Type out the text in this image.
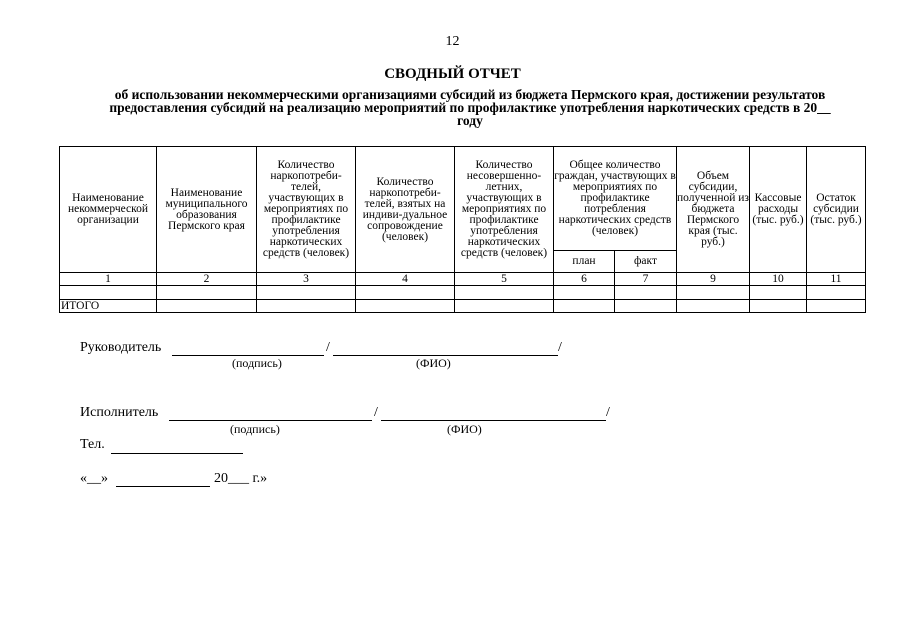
12
СВОДНЫЙ ОТЧЕТ
об использовании некоммерческими организациями субсидий из бюджета Пермского края, достижении результатов предоставления субсидий на реализацию мероприятий по профилактике употребления наркотических средств в 20__ году
Наименование некоммерческой организации	Наименование муниципального образования Пермского края	Количество наркопотреби-телей, участвующих в мероприятиях по профилактике употребления наркотических средств (человек)	Количество наркопотреби-телей, взятых на индиви-дуальное сопровождение (человек)	Количество несовершенно-летних, участвующих в мероприятиях по профилактике употребления наркотических средств (человек)	Общее количество граждан, участвующих в мероприятиях по профилактике потребления наркотических средств (человек)		Объем субсидии, полученной из бюджета Пермского края (тыс. руб.)	Кассовые расходы (тыс. руб.)	Остаток субсидии (тыс. руб.)
					план	факт			
1	2	3	4	5	6	7	9	10	11

ИТОГО									
Руководитель	/	/
(подпись)	(ФИО)
Исполнитель	/	/
(подпись)	(ФИО)
Тел.
«__»	20___ г.»
